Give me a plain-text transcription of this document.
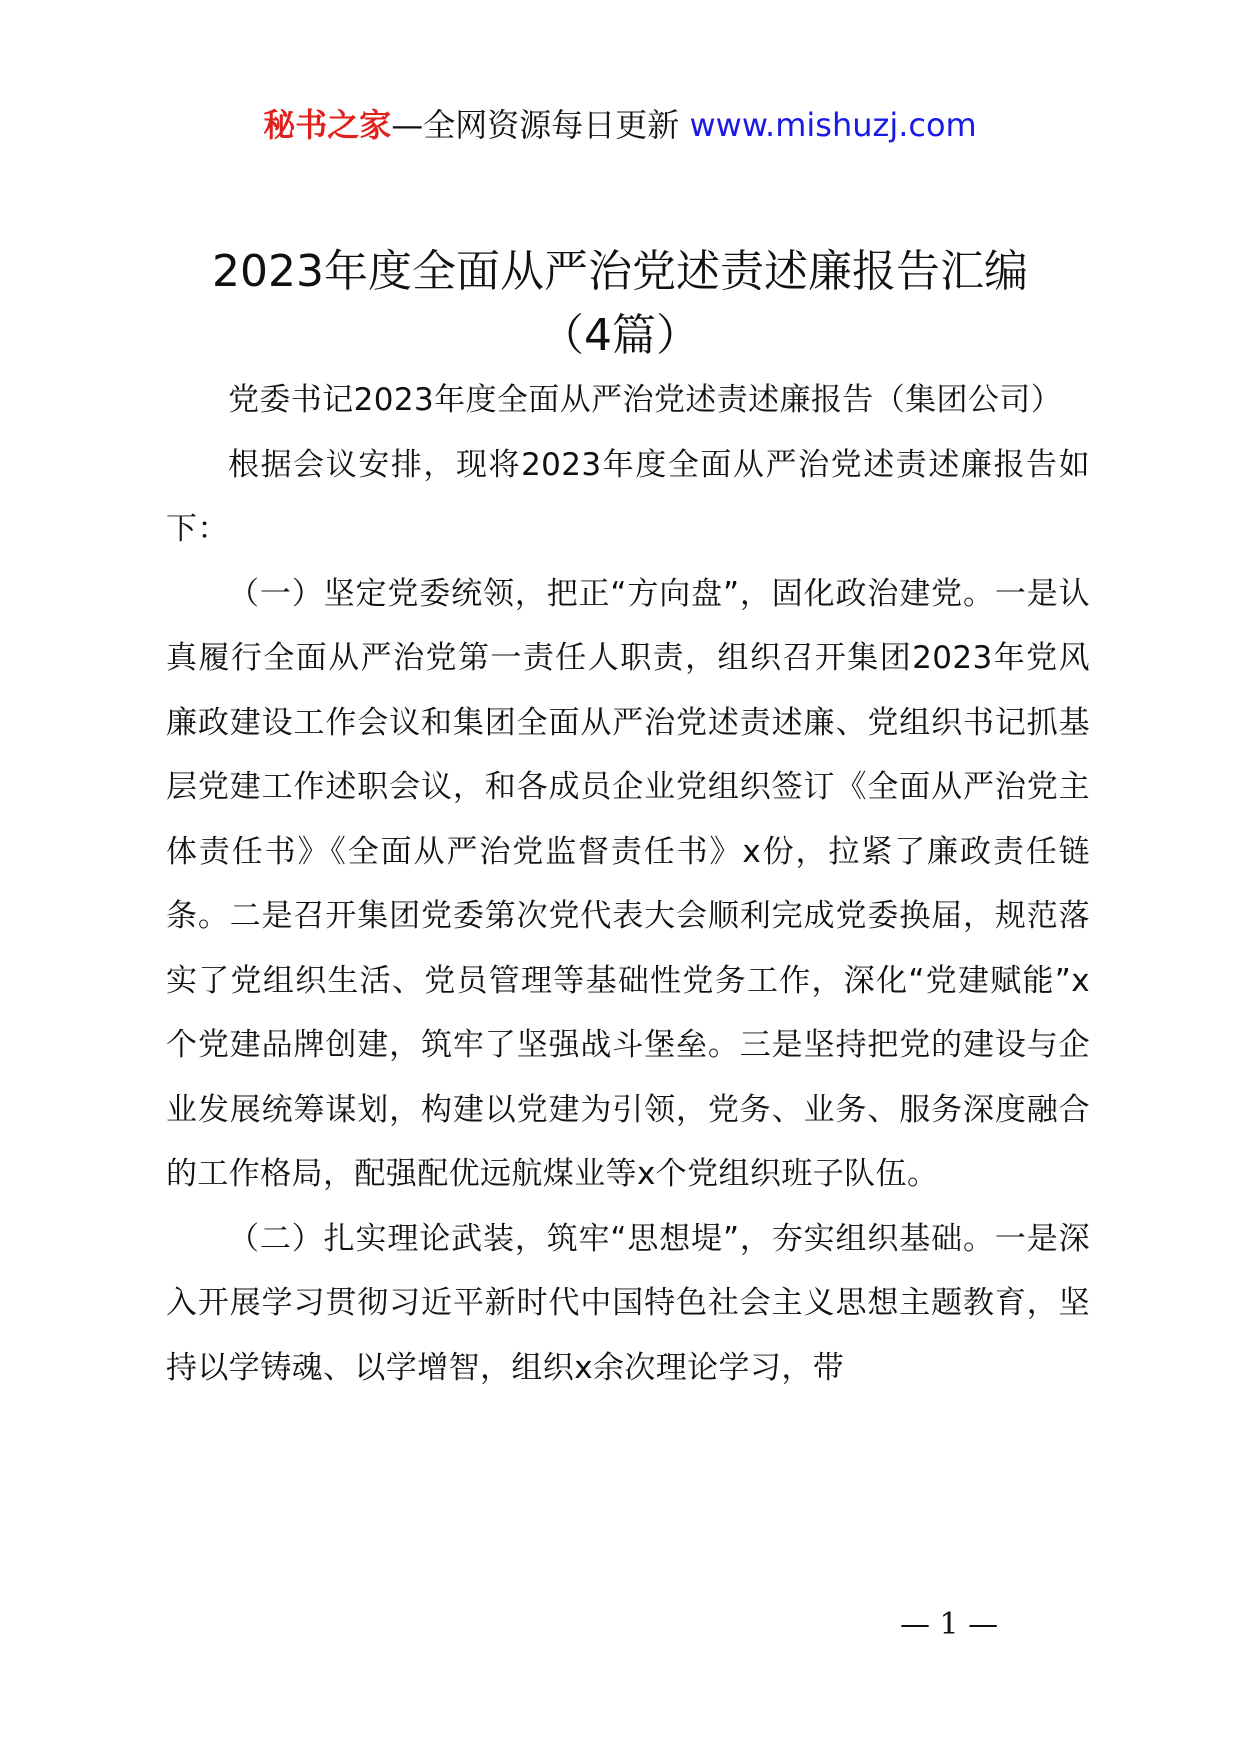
秘书之家—全网资源每日更新 www.mishuzj.com
2023年度全面从严治党述责述廉报告汇编
（4篇）

党委书记2023年度全面从严治党述责述廉报告（集团公司）

根据会议安排，现将2023年度全面从严治党述责述廉报告如下：

（一）坚定党委统领，把正“方向盘”，固化政治建党。一是认真履行全面从严治党第一责任人职责，组织召开集团2023年党风廉政建设工作会议和集团全面从严治党述责述廉、党组织书记抓基层党建工作述职会议，和各成员企业党组织签订《全面从严治党主体责任书》《全面从严治党监督责任书》x份，拉紧了廉政责任链条。二是召开集团党委第次党代表大会顺利完成党委换届，规范落实了党组织生活、党员管理等基础性党务工作，深化“党建赋能”x个党建品牌创建，筑牢了坚强战斗堡垒。三是坚持把党的建设与企业发展统筹谋划，构建以党建为引领，党务、业务、服务深度融合的工作格局，配强配优远航煤业等x个党组织班子队伍。

（二）扎实理论武装，筑牢“思想堤”，夯实组织基础。一是深入开展学习贯彻习近平新时代中国特色社会主义思想主题教育，坚持以学铸魂、以学增智，组织x余次理论学习，带

— 1 —
